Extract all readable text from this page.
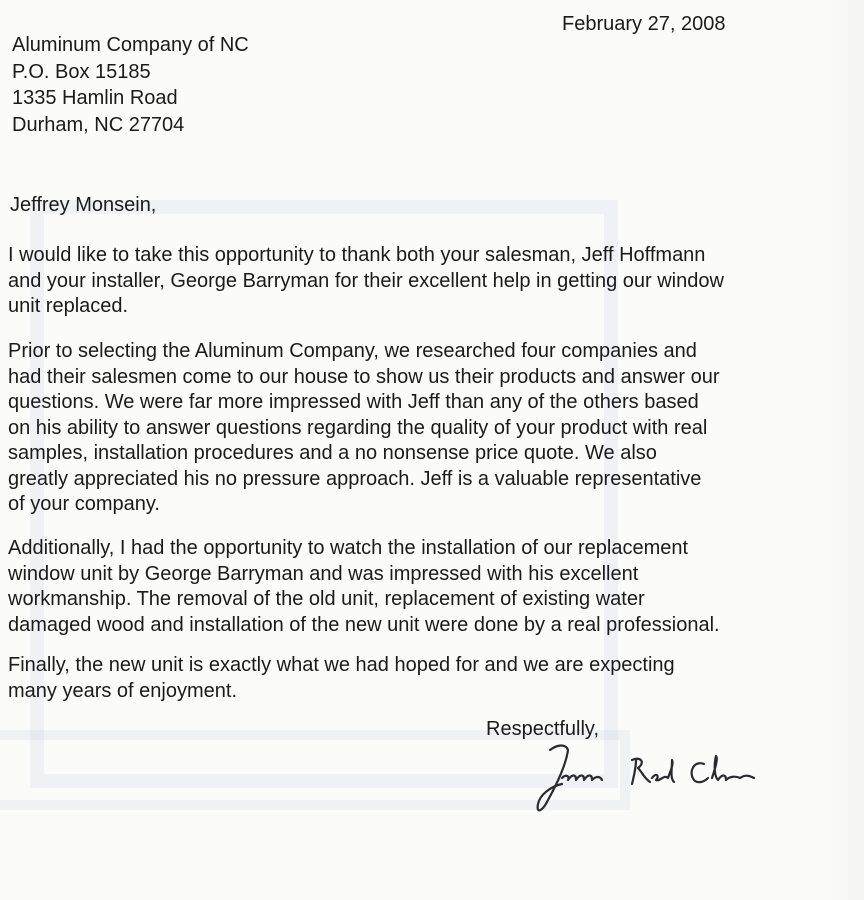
February 27, 2008
Aluminum Company of NC
P.O. Box 15185
1335 Hamlin Road
Durham, NC 27704
Jeffrey Monsein,
I would like to take this opportunity to thank both your salesman, Jeff Hoffmann
and your installer, George Barryman for their excellent help in getting our window
unit replaced.
Prior to selecting the Aluminum Company, we researched four companies and
had their salesmen come to our house to show us their products and answer our
questions. We were far more impressed with Jeff than any of the others based
on his ability to answer questions regarding the quality of your product with real
samples, installation procedures and a no nonsense price quote. We also
greatly appreciated his no pressure approach. Jeff is a valuable representative
of your company.
Additionally, I had the opportunity to watch the installation of our replacement
window unit by George Barryman and was impressed with his excellent
workmanship. The removal of the old unit, replacement of existing water
damaged wood and installation of the new unit were done by a real professional.
Finally, the new unit is exactly what we had hoped for and we are expecting
many years of enjoyment.
Respectfully,
